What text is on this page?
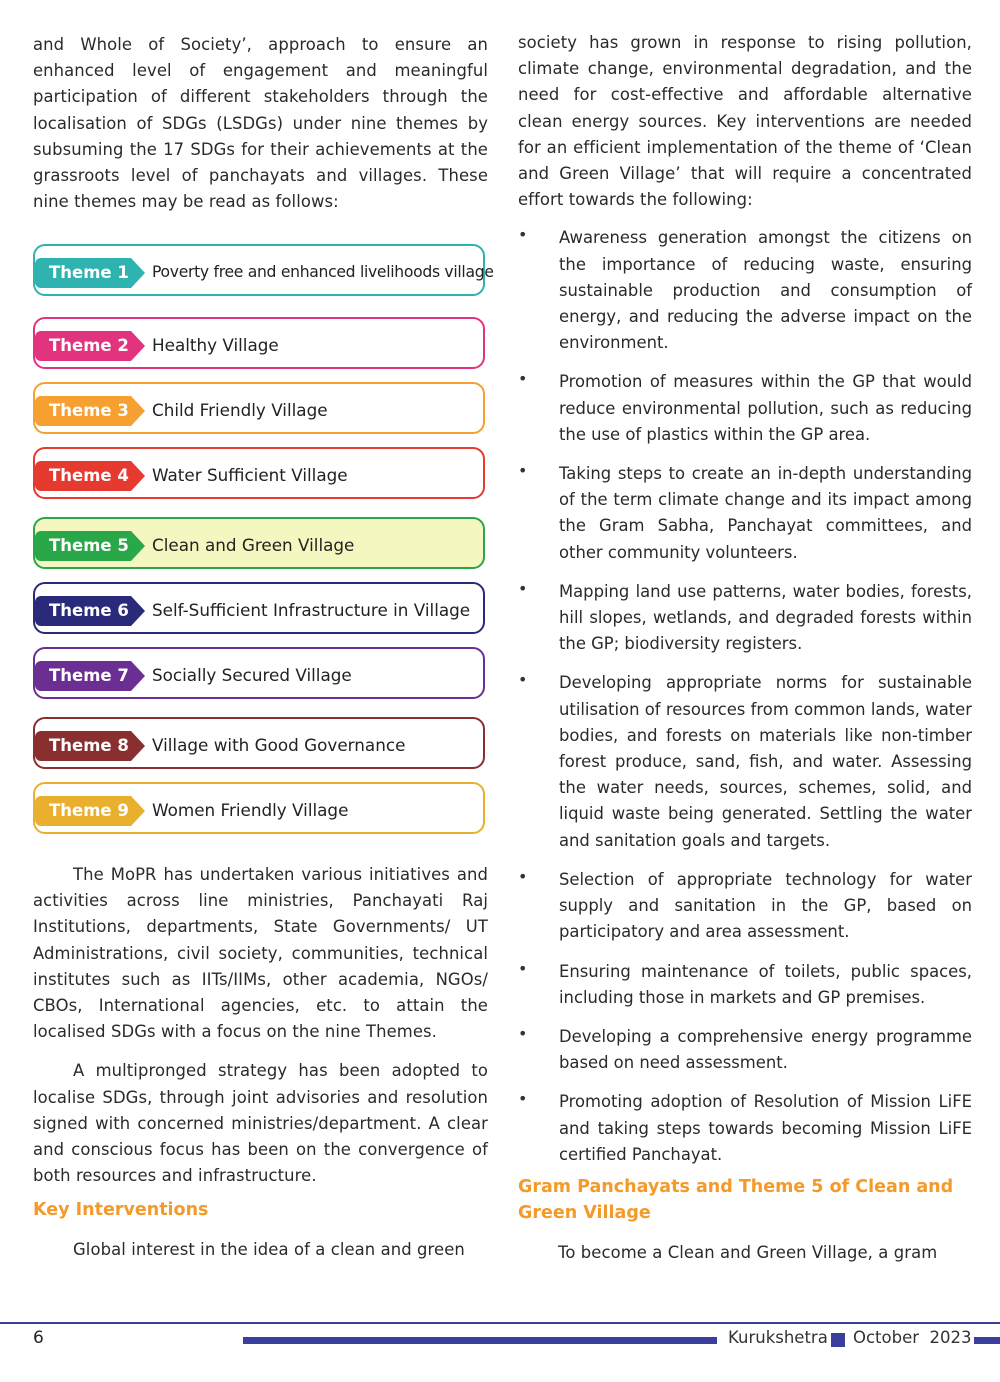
and Whole of Society’, approach to ensure an enhanced level of engagement and meaningful participation of different stakeholders through the localisation of SDGs (LSDGs) under nine themes by subsuming the 17 SDGs for their achievements at the grassroots level of panchayats and villages. These nine themes may be read as follows:

Theme 1 Poverty free and enhanced livelihoods village
Theme 2 Healthy Village
Theme 3 Child Friendly Village
Theme 4 Water Sufficient Village
Theme 5 Clean and Green Village
Theme 6 Self-Sufficient Infrastructure in Village
Theme 7 Socially Secured Village
Theme 8 Village with Good Governance
Theme 9 Women Friendly Village

The MoPR has undertaken various initiatives and activities across line ministries, Panchayati Raj Institutions, departments, State Governments/ UT Administrations, civil society, communities, technical institutes such as IITs/IIMs, other academia, NGOs/ CBOs, International agencies, etc. to attain the localised SDGs with a focus on the nine Themes.

A multipronged strategy has been adopted to localise SDGs, through joint advisories and resolution signed with concerned ministries/department. A clear and conscious focus has been on the convergence of both resources and infrastructure.

Key Interventions

Global interest in the idea of a clean and green

society has grown in response to rising pollution, climate change, environmental degradation, and the need for cost-effective and affordable alternative clean energy sources. Key interventions are needed for an efficient implementation of the theme of ‘Clean and Green Village’ that will require a concentrated effort towards the following:

• Awareness generation amongst the citizens on the importance of reducing waste, ensuring sustainable production and consumption of energy, and reducing the adverse impact on the environment.
• Promotion of measures within the GP that would reduce environmental pollution, such as reducing the use of plastics within the GP area.
• Taking steps to create an in-depth understanding of the term climate change and its impact among the Gram Sabha, Panchayat committees, and other community volunteers.
• Mapping land use patterns, water bodies, forests, hill slopes, wetlands, and degraded forests within the GP; biodiversity registers.
• Developing appropriate norms for sustainable utilisation of resources from common lands, water bodies, and forests on materials like non-timber forest produce, sand, fish, and water. Assessing the water needs, sources, schemes, solid, and liquid waste being generated. Settling the water and sanitation goals and targets.
• Selection of appropriate technology for water supply and sanitation in the GP, based on participatory and area assessment.
• Ensuring maintenance of toilets, public spaces, including those in markets and GP premises.
• Developing a comprehensive energy programme based on need assessment.
• Promoting adoption of Resolution of Mission LiFE and taking steps towards becoming Mission LiFE certified Panchayat.

Gram Panchayats and Theme 5 of Clean and Green Village

To become a Clean and Green Village, a gram

6	Kurukshetra October  2023
